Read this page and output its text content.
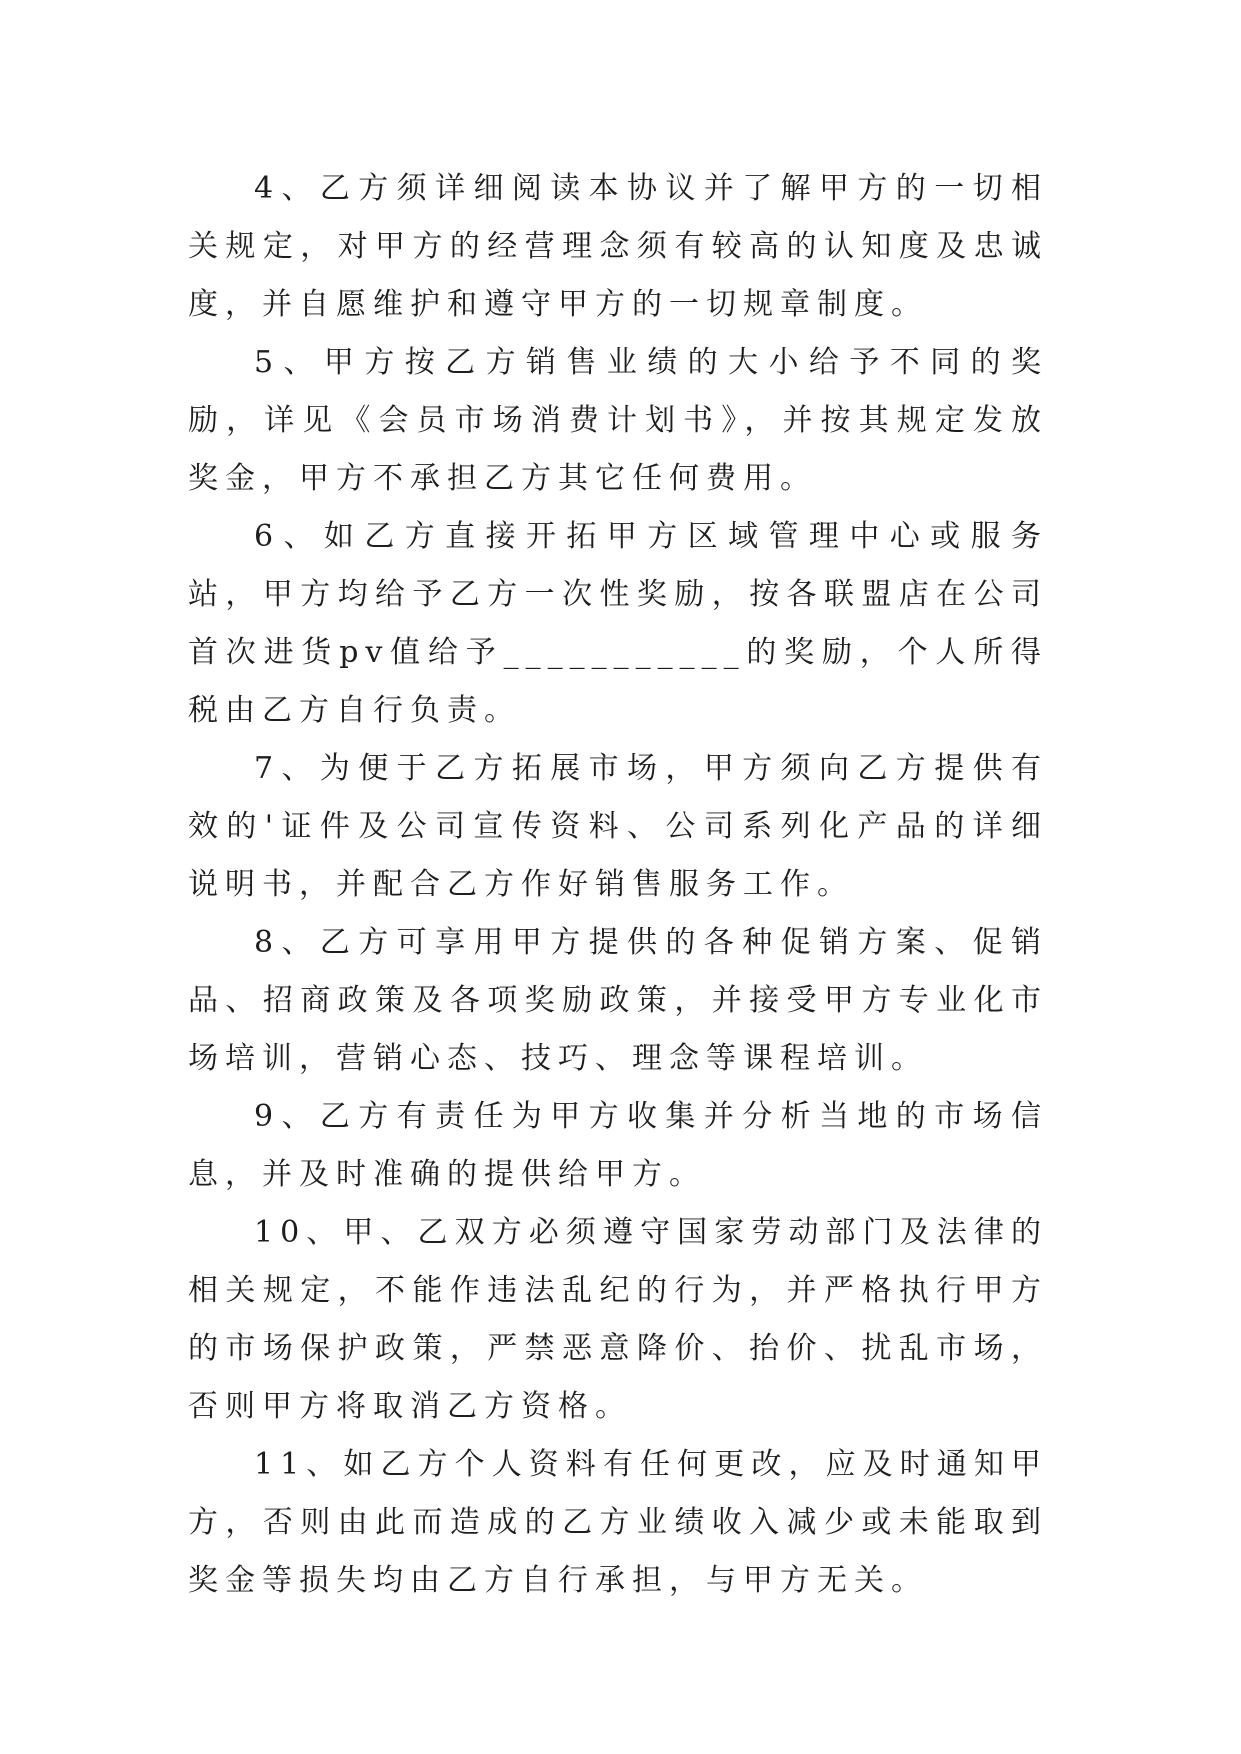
4、乙方须详细阅读本协议并了解甲方的一切相关规定，对甲方的经营理念须有较高的认知度及忠诚度，并自愿维护和遵守甲方的一切规章制度。

5、甲方按乙方销售业绩的大小给予不同的奖励，详见《会员市场消费计划书》，并按其规定发放奖金，甲方不承担乙方其它任何费用。

6、如乙方直接开拓甲方区域管理中心或服务站，甲方均给予乙方一次性奖励，按各联盟店在公司首次进货pv值给予___________的奖励，个人所得税由乙方自行负责。

7、为便于乙方拓展市场，甲方须向乙方提供有效的'证件及公司宣传资料、公司系列化产品的详细说明书，并配合乙方作好销售服务工作。

8、乙方可享用甲方提供的各种促销方案、促销品、招商政策及各项奖励政策，并接受甲方专业化市场培训，营销心态、技巧、理念等课程培训。

9、乙方有责任为甲方收集并分析当地的市场信息，并及时准确的提供给甲方。

10、甲、乙双方必须遵守国家劳动部门及法律的相关规定，不能作违法乱纪的行为，并严格执行甲方的市场保护政策，严禁恶意降价、抬价、扰乱市场，否则甲方将取消乙方资格。

11、如乙方个人资料有任何更改，应及时通知甲方，否则由此而造成的乙方业绩收入减少或未能取到奖金等损失均由乙方自行承担，与甲方无关。
